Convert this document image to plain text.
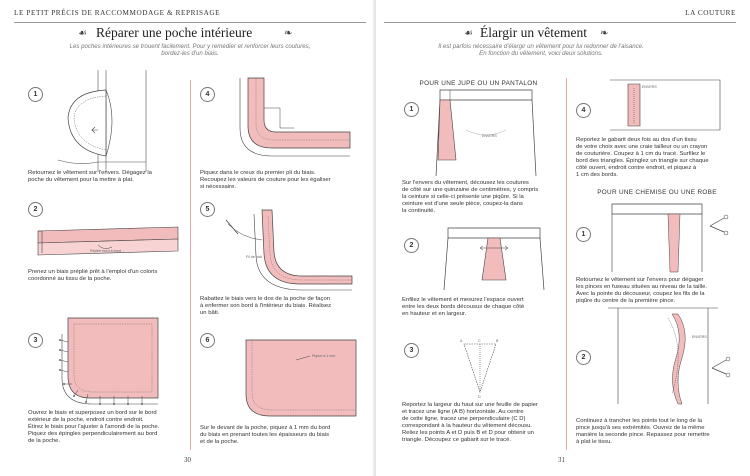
LE PETIT PRÉCIS DE RACCOMMODAGE & REPRISAGE
☙ Réparer une poche intérieure	❧
Les poches intérieures se trouent facilement. Pour y remédier et renforcer leurs coutures,
bordez-les d'un biais.
1
Retournez le vêtement sur l'envers. Dégagez la
poche du vêtement pour la mettre à plat.
2
Replier bord à bord
Prenez un biais préplié prêt à l'emploi d'un coloris
coordonné au tissu de la poche.
3
Ouvrez le biais et superposez un bord sur le bord
extérieur de la poche, endroit contre endroit.
Étirez le biais pour l'ajuster à l'arrondi de la poche.
Piquez des épingles perpendiculairement au bord
de la poche.
4
Piquez dans le creux du premier pli du biais.
Recoupez les valeurs de couture pour les égaliser
si nécessaire.
5
Fil de bâti
Rabattez le biais vers le dos de la poche de façon
à enfermer son bord à l'intérieur du biais. Réalisez
un bâti.
6
Piquer à 1 mm
Sur le devant de la poche, piquez à 1 mm du bord
du biais en prenant toutes les épaisseurs du biais
et de la poche.
30
LA COUTURE
☙ Élargir un vêtement ❧
Il est parfois nécessaire d'élargir un vêtement pour lui redonner de l'aisance.
En fonction du vêtement, voici deux solutions.
POUR UNE JUPE OU UN PANTALON
1
ENVERS
Sur l'envers du vêtement, décousez les coutures
de côté sur une quinzaine de centimètres, y compris
la ceinture si celle-ci présente une piqûre. Si la
ceinture est d'une seule pièce, coupez-la dans
la continuité.
2
Enfilez le vêtement et mesurez l'espace ouvert
entre les deux bords décousus de chaque côté
en hauteur et en largeur.
3
A	B
C
D
Reportez la largeur du haut sur une feuille de papier
et tracez une ligne (A B) horizontale. Au centre
de cette ligne, tracez une perpendiculaire (C D)
correspondant à la hauteur du vêtement décousu.
Reliez les points A et D puis B et D pour obtenir un
triangle. Découpez ce gabarit sur le tracé.
4
ENVERS
Reportez le gabarit deux fois au dos d'un tissu
de votre choix avec une craie tailleur ou un crayon
de couturière. Coupez à 1 cm du tracé. Surfilez le
bord des triangles. Épinglez un triangle sur chaque
côté ouvert, endroit contre endroit, et piquez à
1 cm des bords.
POUR UNE CHEMISE OU UNE ROBE
1
Retournez le vêtement sur l'envers pour dégager
les pinces en fuseau situées au niveau de la taille.
Avec la pointe du découseur, coupez les fils de la
piqûre du centre de la première pince.
2
ENVERS
Continuez à trancher les points tout le long de la
pince jusqu'à ses extrémités. Ouvrez de la même
manière la seconde pince. Repassez pour remettre
à plat le tissu.
31
